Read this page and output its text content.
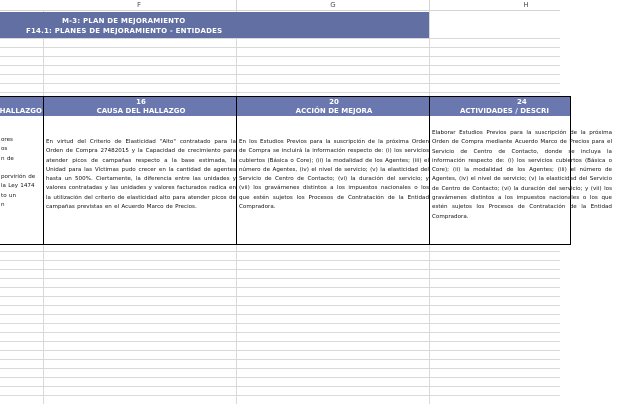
F	G	H
M-3: PLAN DE MEJORAMIENTO
F14.1: PLANES DE MEJORAMIENTO - ENTIDADES
HALLAZGO
16
CAUSA DEL HALLAZGO
20
ACCIÓN DE MEJORA
24
ACTIVIDADES / DESCRI
ores
os
n de

porvirión de
la Ley 1474
to un
n
En virtud del Criterio de Elasticidad "Alto" contratado para la Orden de Compra 27482015 y la Capacidad de crecimiento para atender picos de campañas respecto a la base estimada, la Unidad para las Víctimas pudo crecer en la cantidad de agentes hasta un 500%. Ciertamente, la diferencia entre las unidades y valores contratadas y las unidades y valores facturados radica en la utilización del criterio de elasticidad alto para atender picos de campañas previstas en el Acuerdo Marco de Precios.
En los Estudios Previos para la suscripción de la próxima Orden de Compra se incluirá la información respecto de: (i) los servicios cubiertos (Básica o Core); (ii) la modalidad de los Agentes; (iii) el número de Agentes, (iv) el nivel de servicio; (v) la elasticidad del Servicio de Centro de Contacto; (vi) la duración del servicio; y (vii) los gravámenes distintos a los impuestos nacionales o los que estén sujetos los Procesos de Contratación de la Entidad Compradora.
Elaborar Estudios Previos para la suscripción de la próxima Orden de Compra mediante Acuerdo Marco de Precios para el Servicio de Centro de Contacto, donde se incluya la información respecto de: (i) los servicios cubiertos (Básica o Core); (ii) la modalidad de los Agentes; (iii) el número de Agentes, (iv) el nivel de servicio; (v) la elasticidad del Servicio de Centro de Contacto; (vi) la duración del servicio; y (vii) los gravámenes distintos a los impuestos nacionales o los que estén sujetos los Procesos de Contratación de la Entidad Compradora.
